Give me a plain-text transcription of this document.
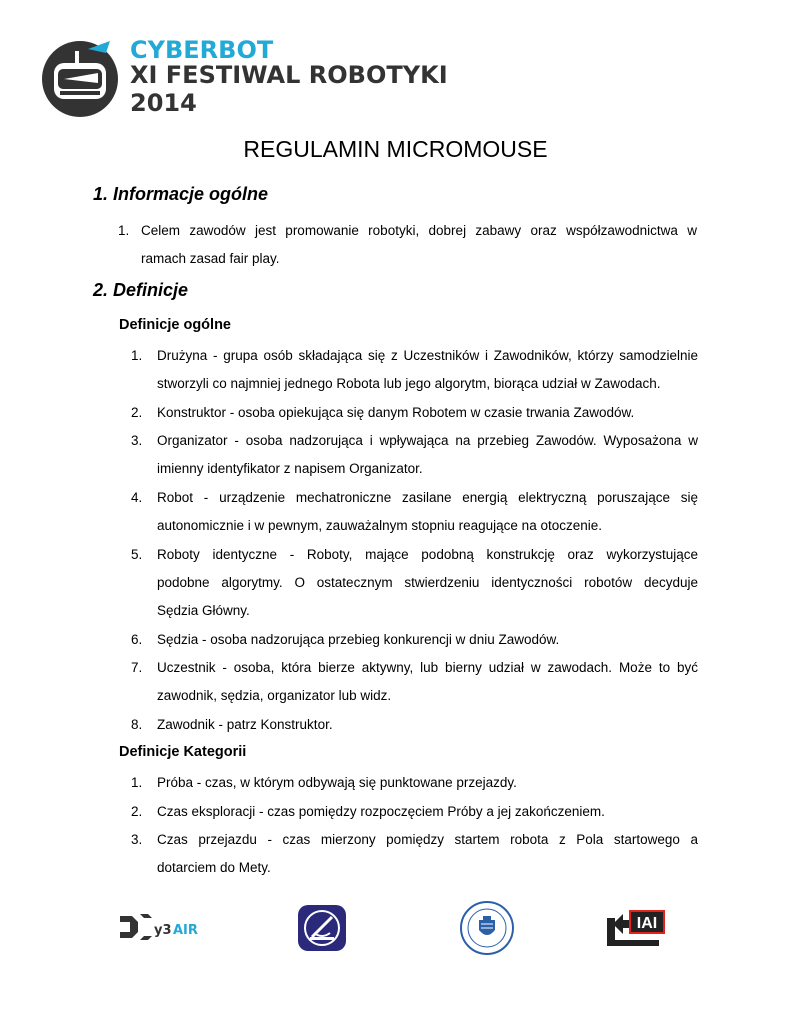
CYBERBOT
XI FESTIWAL ROBOTYKI
2014
REGULAMIN MICROMOUSE
1. Informacje ogólne
1. Celem zawodów jest promowanie robotyki, dobrej zabawy oraz współzawodnictwa w
ramach zasad fair play.
2. Definicje
Definicje ogólne
1. Drużyna - grupa osób składająca się z Uczestników i Zawodników, którzy samodzielnie
stworzyli co najmniej jednego Robota lub jego algorytm, biorąca udział w Zawodach.
2. Konstruktor - osoba opiekująca się danym Robotem w czasie trwania Zawodów.
3. Organizator - osoba nadzorująca i wpływająca na przebieg Zawodów. Wyposażona w
imienny identyfikator z napisem Organizator.
4. Robot - urządzenie mechatroniczne zasilane energią elektryczną poruszające się
autonomicznie i w pewnym, zauważalnym stopniu reagujące na otoczenie.
5. Roboty identyczne - Roboty, mające podobną konstrukcję oraz wykorzystujące
podobne algorytmy. O ostatecznym stwierdzeniu identyczności robotów decyduje
Sędzia Główny.
6. Sędzia - osoba nadzorująca przebieg konkurencji w dniu Zawodów.
7. Uczestnik - osoba, która bierze aktywny, lub bierny udział w zawodach. Może to być
zawodnik, sędzia, organizator lub widz.
8. Zawodnik - patrz Konstruktor.
Definicje Kategorii
1. Próba - czas, w którym odbywają się punktowane przejazdy.
2. Czas eksploracji - czas pomiędzy rozpoczęciem Próby a jej zakończeniem.
3. Czas przejazdu - czas mierzony pomiędzy startem robota z Pola startowego a
dotarciem do Mety.
y3 AIR	IAI
